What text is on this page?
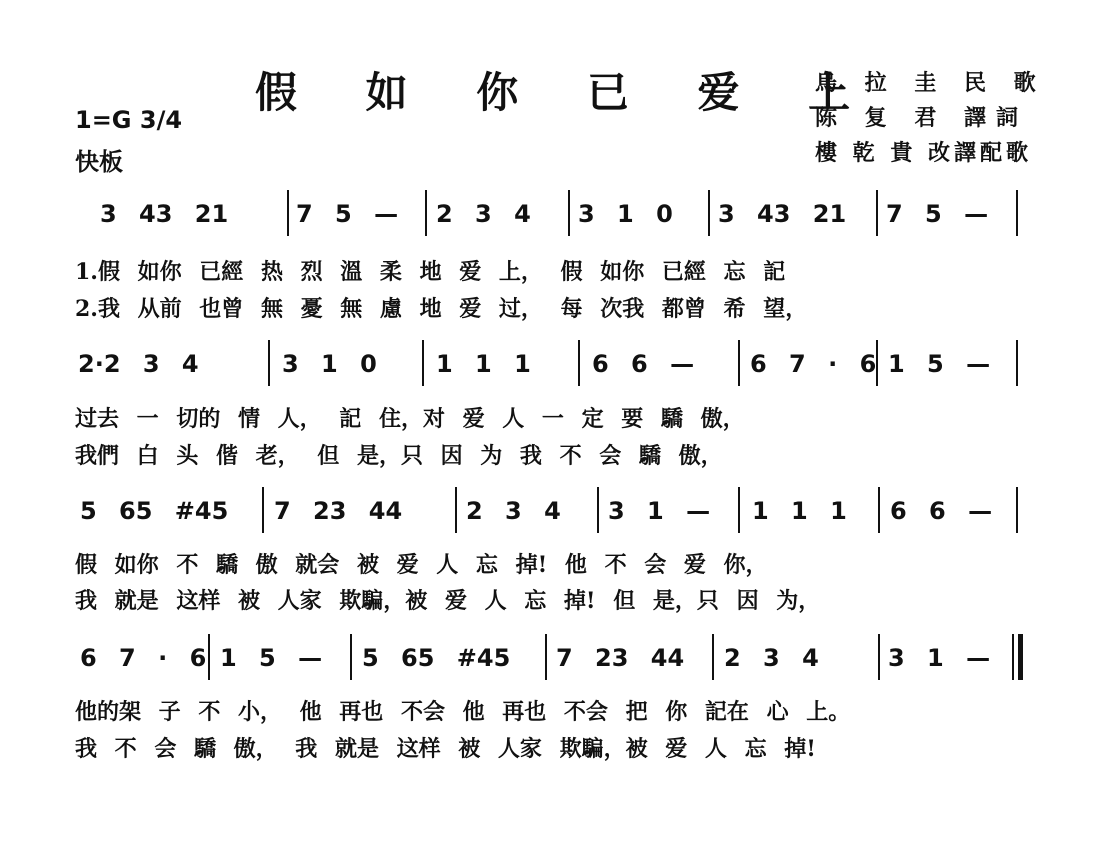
假 如 你 已 爱 上
烏 拉 圭 民 歌
陈 复 君 譯詞
樓 乾 貴 改譯配歌
1=G 3/4
快板
3 43 21	7 5 — 2 3 4 3 1 0 3 43 21 7 5 —
1.假 如你 已經 热 烈 溫 柔 地 爱 上， 假 如你 已經 忘 記
2.我 从前 也曾 無 憂 無 慮 地 爱 过， 每 次我 都曾 希 望，
2·2 3 4	3 1 0 1 1 1	6 6 — 6 7 · 6 1 5 —
过去 一 切的 情 人， 記 住，对 爱 人 一 定 要 驕 傲，
我們 白 头 偕 老， 但 是，只 因 为 我 不 会 驕 傲，
5 65 #45 7 23 44	2 3 4 3 1 — 1 1 1 6 6 —
假 如你 不 驕 傲 就会 被 爱 人 忘 掉! 他 不 会 爱 你，
我 就是 这样 被 人家 欺騙，被 爱 人 忘 掉! 但 是，只 因 为，
6 7 · 6 1 5 — 5 65 #45 7 23 44 2 3 4	3 1 —
他的架 子 不 小， 他 再也 不会 他 再也 不会 把 你 記在 心 上。
我 不 会 驕 傲， 我 就是 这样 被 人家 欺騙，被 爱 人 忘 掉!
